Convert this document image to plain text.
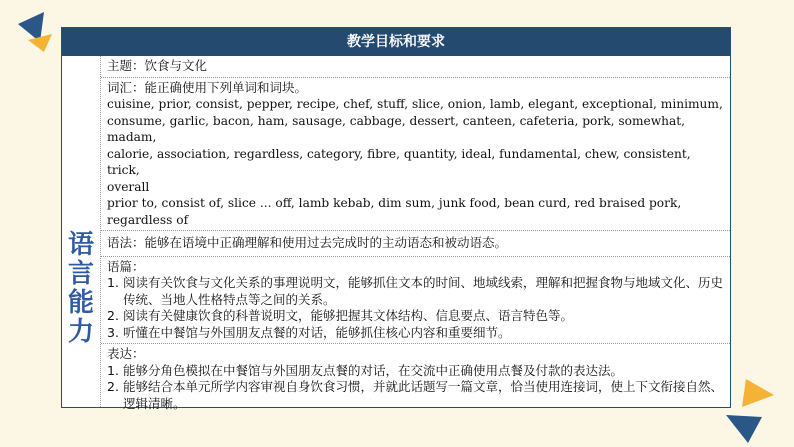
教学目标和要求
语
言
能
力
主题：饮食与文化
词汇：能正确使用下列单词和词块。
cuisine, prior, consist, pepper, recipe, chef, stuff, slice, onion, lamb, elegant, exceptional, minimum,
consume, garlic, bacon, ham, sausage, cabbage, dessert, canteen, cafeteria, pork, somewhat, madam,
calorie, association, regardless, category, fibre, quantity, ideal, fundamental, chew, consistent, trick,
overall
prior to, consist of, slice ... off, lamb kebab, dim sum, junk food, bean curd, red braised pork,
regardless of
语法：能够在语境中正确理解和使用过去完成时的主动语态和被动语态。
语篇：
1. 阅读有关饮食与文化关系的事理说明文，能够抓住文本的时间、地域线索，理解和把握食物与地域文化、历史传统、当地人性格特点等之间的关系。
2. 阅读有关健康饮食的科普说明文，能够把握其文体结构、信息要点、语言特色等。
3. 听懂在中餐馆与外国朋友点餐的对话，能够抓住核心内容和重要细节。
表达：
1. 能够分角色模拟在中餐馆与外国朋友点餐的对话，在交流中正确使用点餐及付款的表达法。
2. 能够结合本单元所学内容审视自身饮食习惯，并就此话题写一篇文章，恰当使用连接词，使上下文衔接自然、逻辑清晰。
